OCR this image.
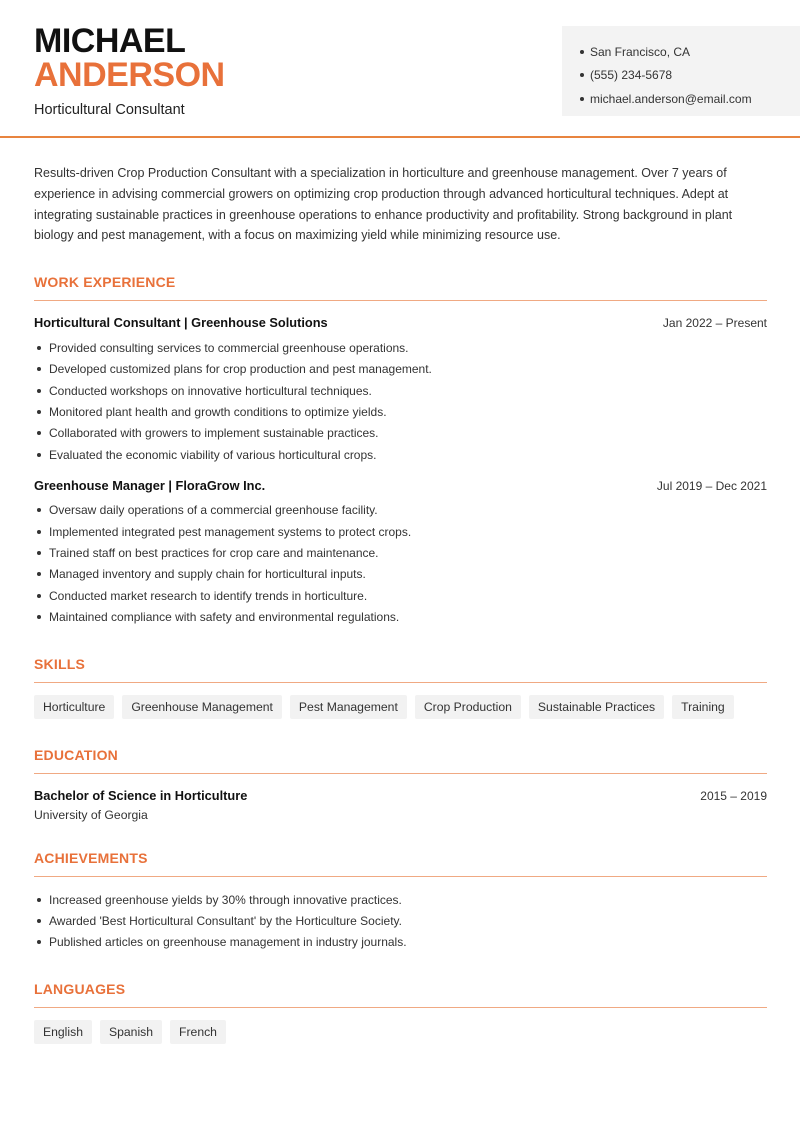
MICHAEL
ANDERSON
Horticultural Consultant
San Francisco, CA
(555) 234-5678
michael.anderson@email.com

Results-driven Crop Production Consultant with a specialization in horticulture and greenhouse management. Over 7 years of experience in advising commercial growers on optimizing crop production through advanced horticultural techniques. Adept at integrating sustainable practices in greenhouse operations to enhance productivity and profitability. Strong background in plant biology and pest management, with a focus on maximizing yield while minimizing resource use.

WORK EXPERIENCE
Horticultural Consultant | Greenhouse Solutions	Jan 2022 – Present
Provided consulting services to commercial greenhouse operations.
Developed customized plans for crop production and pest management.
Conducted workshops on innovative horticultural techniques.
Monitored plant health and growth conditions to optimize yields.
Collaborated with growers to implement sustainable practices.
Evaluated the economic viability of various horticultural crops.
Greenhouse Manager | FloraGrow Inc.	Jul 2019 – Dec 2021
Oversaw daily operations of a commercial greenhouse facility.
Implemented integrated pest management systems to protect crops.
Trained staff on best practices for crop care and maintenance.
Managed inventory and supply chain for horticultural inputs.
Conducted market research to identify trends in horticulture.
Maintained compliance with safety and environmental regulations.
SKILLS
Horticulture	Greenhouse Management	Pest Management	Crop Production	Sustainable Practices	Training
EDUCATION
Bachelor of Science in Horticulture	2015 – 2019
University of Georgia
ACHIEVEMENTS
Increased greenhouse yields by 30% through innovative practices.
Awarded 'Best Horticultural Consultant' by the Horticulture Society.
Published articles on greenhouse management in industry journals.
LANGUAGES
English	Spanish	French
